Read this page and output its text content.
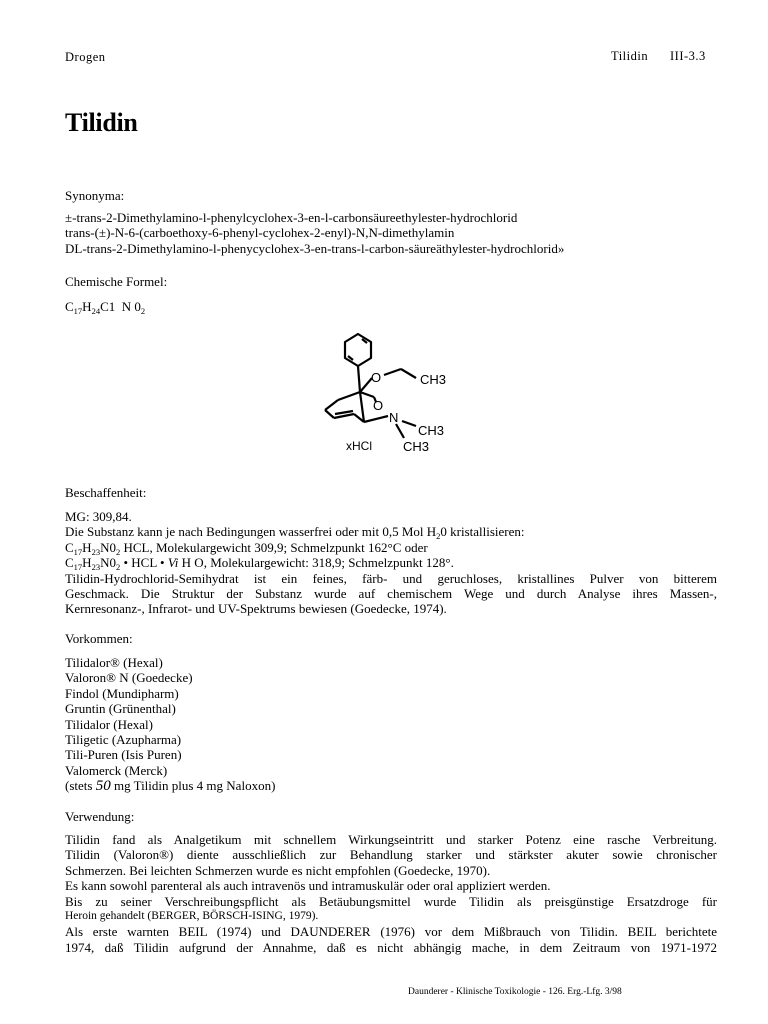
Drogen	Tilidin III-3.3
Tilidin
Synonyma:
±-trans-2-Dimethylamino-l-phenylcyclohex-3-en-l-carbonsäureethylester-hydrochlorid
trans-(±)-N-6-(carboethoxy-6-phenyl-cyclohex-2-enyl)-N,N-dimethylamin
DL-trans-2-Dimethylamino-l-phenycyclohex-3-en-trans-l-carbon-säureäthylester-hydrochlorid»
Chemische Formel:
$C_{17}H_{24}C1$  N $0_2$
O
O
CH3
N
CH3
xHCl CH3
Beschaffenheit:
MG: 309,84.
Die Substanz kann je nach Bedingungen wasserfrei oder mit 0,5 Mol $H_20$ kristallisieren:
$C_{17}H_{23}N0_2$ HCL, Molekulargewicht 309,9; Schmelzpunkt 162°C oder
$C_{17}H_{23}N0_2$ • HCL • Vi H O, Molekulargewicht: 318,9; Schmelzpunkt 128°.
Tilidin-Hydrochlorid-Semihydrat ist ein feines, färb- und geruchloses, kristallines Pulver von bitterem
Geschmack. Die Struktur der Substanz wurde auf chemischem Wege und durch Analyse ihres Massen-,
Kernresonanz-, Infrarot- und UV-Spektrums bewiesen (Goedecke, 1974).
Vorkommen:
Tilidalor® (Hexal)
Valoron® N (Goedecke)
Findol (Mundipharm)
Gruntin (Grünenthal)
Tilidalor (Hexal)
Tiligetic (Azupharma)
Tili-Puren (Isis Puren)
Valomerck (Merck)
(stets 50 mg Tilidin plus 4 mg Naloxon)
Verwendung:
Tilidin fand als Analgetikum mit schnellem Wirkungseintritt und starker Potenz eine rasche Verbreitung.
Tilidin (Valoron®) diente ausschließlich zur Behandlung starker und stärkster akuter sowie chronischer
Schmerzen. Bei leichten Schmerzen wurde es nicht empfohlen (Goedecke, 1970).
Es kann sowohl parenteral als auch intravenös und intramuskulär oder oral appliziert werden.
Bis zu seiner Verschreibungspflicht als Betäubungsmittel wurde Tilidin als preisgünstige Ersatzdroge für
Heroin gehandelt (BERGER, BÖRSCH-ISING, 1979).
Als erste warnten BEIL (1974) und DAUNDERER (1976) vor dem Mißbrauch von Tilidin. BEIL berichtete
1974, daß Tilidin aufgrund der Annahme, daß es nicht abhängig mache, in dem Zeitraum von 1971-1972
Daunderer - Klinische Toxikologie - 126. Erg.-Lfg. 3/98
